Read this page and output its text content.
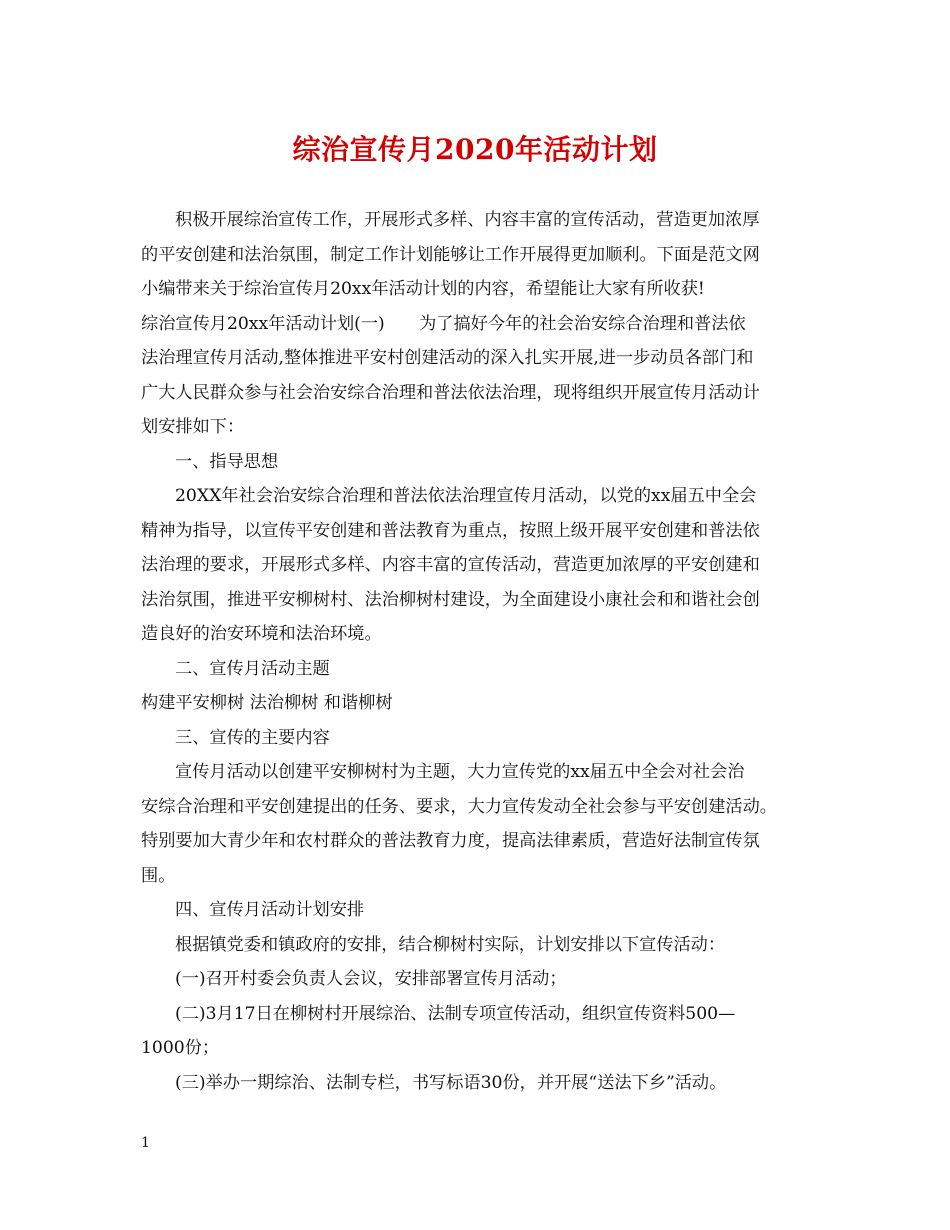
综治宣传月2020年活动计划
积极开展综治宣传工作，开展形式多样、内容丰富的宣传活动，营造更加浓厚
的平安创建和法治氛围，制定工作计划能够让工作开展得更加顺利。下面是范文网
小编带来关于综治宣传月20xx年活动计划的内容，希望能让大家有所收获!
综治宣传月20xx年活动计划(一)　　为了搞好今年的社会治安综合治理和普法依
法治理宣传月活动,整体推进平安村创建活动的深入扎实开展,进一步动员各部门和
广大人民群众参与社会治安综合治理和普法依法治理，现将组织开展宣传月活动计
划安排如下：
一、指导思想
20XX年社会治安综合治理和普法依法治理宣传月活动，以党的xx届五中全会
精神为指导，以宣传平安创建和普法教育为重点，按照上级开展平安创建和普法依
法治理的要求，开展形式多样、内容丰富的宣传活动，营造更加浓厚的平安创建和
法治氛围，推进平安柳树村、法治柳树村建设，为全面建设小康社会和和谐社会创
造良好的治安环境和法治环境。
二、宣传月活动主题
构建平安柳树 法治柳树 和谐柳树
三、宣传的主要内容
宣传月活动以创建平安柳树村为主题，大力宣传党的xx届五中全会对社会治
安综合治理和平安创建提出的任务、要求，大力宣传发动全社会参与平安创建活动。
特别要加大青少年和农村群众的普法教育力度，提高法律素质，营造好法制宣传氛
围。
四、宣传月活动计划安排
根据镇党委和镇政府的安排，结合柳树村实际，计划安排以下宣传活动：
(一)召开村委会负责人会议，安排部署宣传月活动；
(二)3月17日在柳树村开展综治、法制专项宣传活动，组织宣传资料500—
1000份；
(三)举办一期综治、法制专栏，书写标语30份，并开展“送法下乡”活动。
1
